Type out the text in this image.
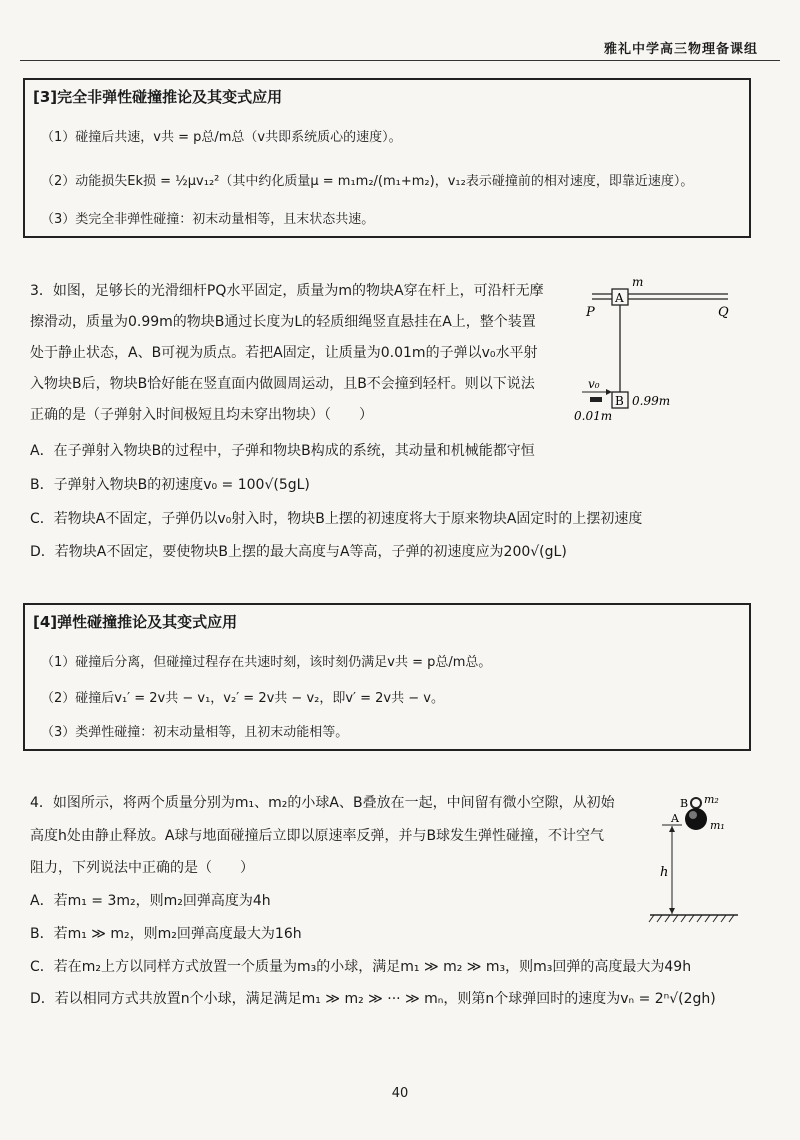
雅礼中学高三物理备课组
[3]完全非弹性碰撞推论及其变式应用
（1）碰撞后共速，v共 = p总/m总（v共即系统质心的速度）。
（2）动能损失Ek损 = ½μv₁₂²（其中约化质量μ = m₁m₂/(m₁+m₂)，v₁₂表示碰撞前的相对速度，即靠近速度）。
（3）类完全非弹性碰撞：初末动量相等，且末状态共速。
3．如图，足够长的光滑细杆PQ水平固定，质量为m的物块A穿在杆上，可沿杆无摩
擦滑动，质量为0.99m的物块B通过长度为L的轻质细绳竖直悬挂在A上，整个装置
处于静止状态，A、B可视为质点。若把A固定，让质量为0.01m的子弹以v₀水平射
入物块B后，物块B恰好能在竖直面内做圆周运动，且B不会撞到轻杆。则以下说法
正确的是（子弹射入时间极短且均未穿出物块）（　　）
A．在子弹射入物块B的过程中，子弹和物块B构成的系统，其动量和机械能都守恒
B．子弹射入物块B的初速度v₀ = 100√(5gL)
C．若物块A不固定，子弹仍以v₀射入时，物块B上摆的初速度将大于原来物块A固定时的上摆初速度
D．若物块A不固定，要使物块B上摆的最大高度与A等高，子弹的初速度应为200√(gL)
A
m
P	Q
B 0.99m
v₀
0.01m
[4]弹性碰撞推论及其变式应用
（1）碰撞后分离，但碰撞过程存在共速时刻，该时刻仍满足v共 = p总/m总。
（2）碰撞后v₁′ = 2v共 − v₁，v₂′ = 2v共 − v₂，即v′ = 2v共 − v。
（3）类弹性碰撞：初末动量相等，且初末动能相等。
4．如图所示，将两个质量分别为m₁、m₂的小球A、B叠放在一起，中间留有微小空隙，从初始
高度h处由静止释放。A球与地面碰撞后立即以原速率反弹，并与B球发生弹性碰撞，不计空气
阻力，下列说法中正确的是（　　）
A．若m₁ = 3m₂，则m₂回弹高度为4h
B．若m₁ ≫ m₂，则m₂回弹高度最大为16h
C．若在m₂上方以同样方式放置一个质量为m₃的小球，满足m₁ ≫ m₂ ≫ m₃，则m₃回弹的高度最大为49h
D．若以相同方式共放置n个小球，满足满足m₁ ≫ m₂ ≫ ··· ≫ mₙ，则第n个球弹回时的速度为vₙ = 2ⁿ√(2gh)
B m₂
A
m₁
h
40
